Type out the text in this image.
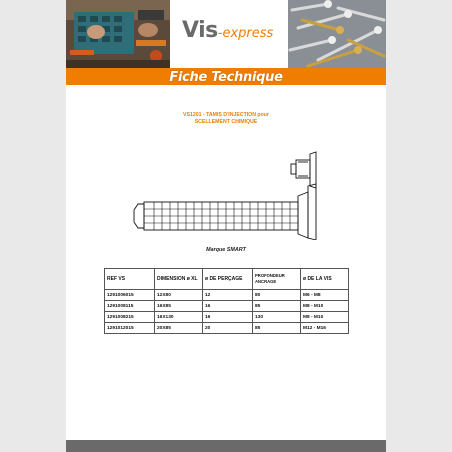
Vis-express
Fiche Technique
VS1201 - TAMIS D'INJECTION pour
SCELLEMENT CHIMIQUE
Marque SMART
REF VS	DIMENSION ø XL	ø DE PERÇAGE	PROFONDEUR ANCRAGE	ø DE LA VIS
1291006015	12X80	12	80	M6 - M8
1291008115	16X85	16	85	M8 - M10
1291008215	16X130	16	130	M8 - M10
1291012015	20X85	20	85	M12 - M16
